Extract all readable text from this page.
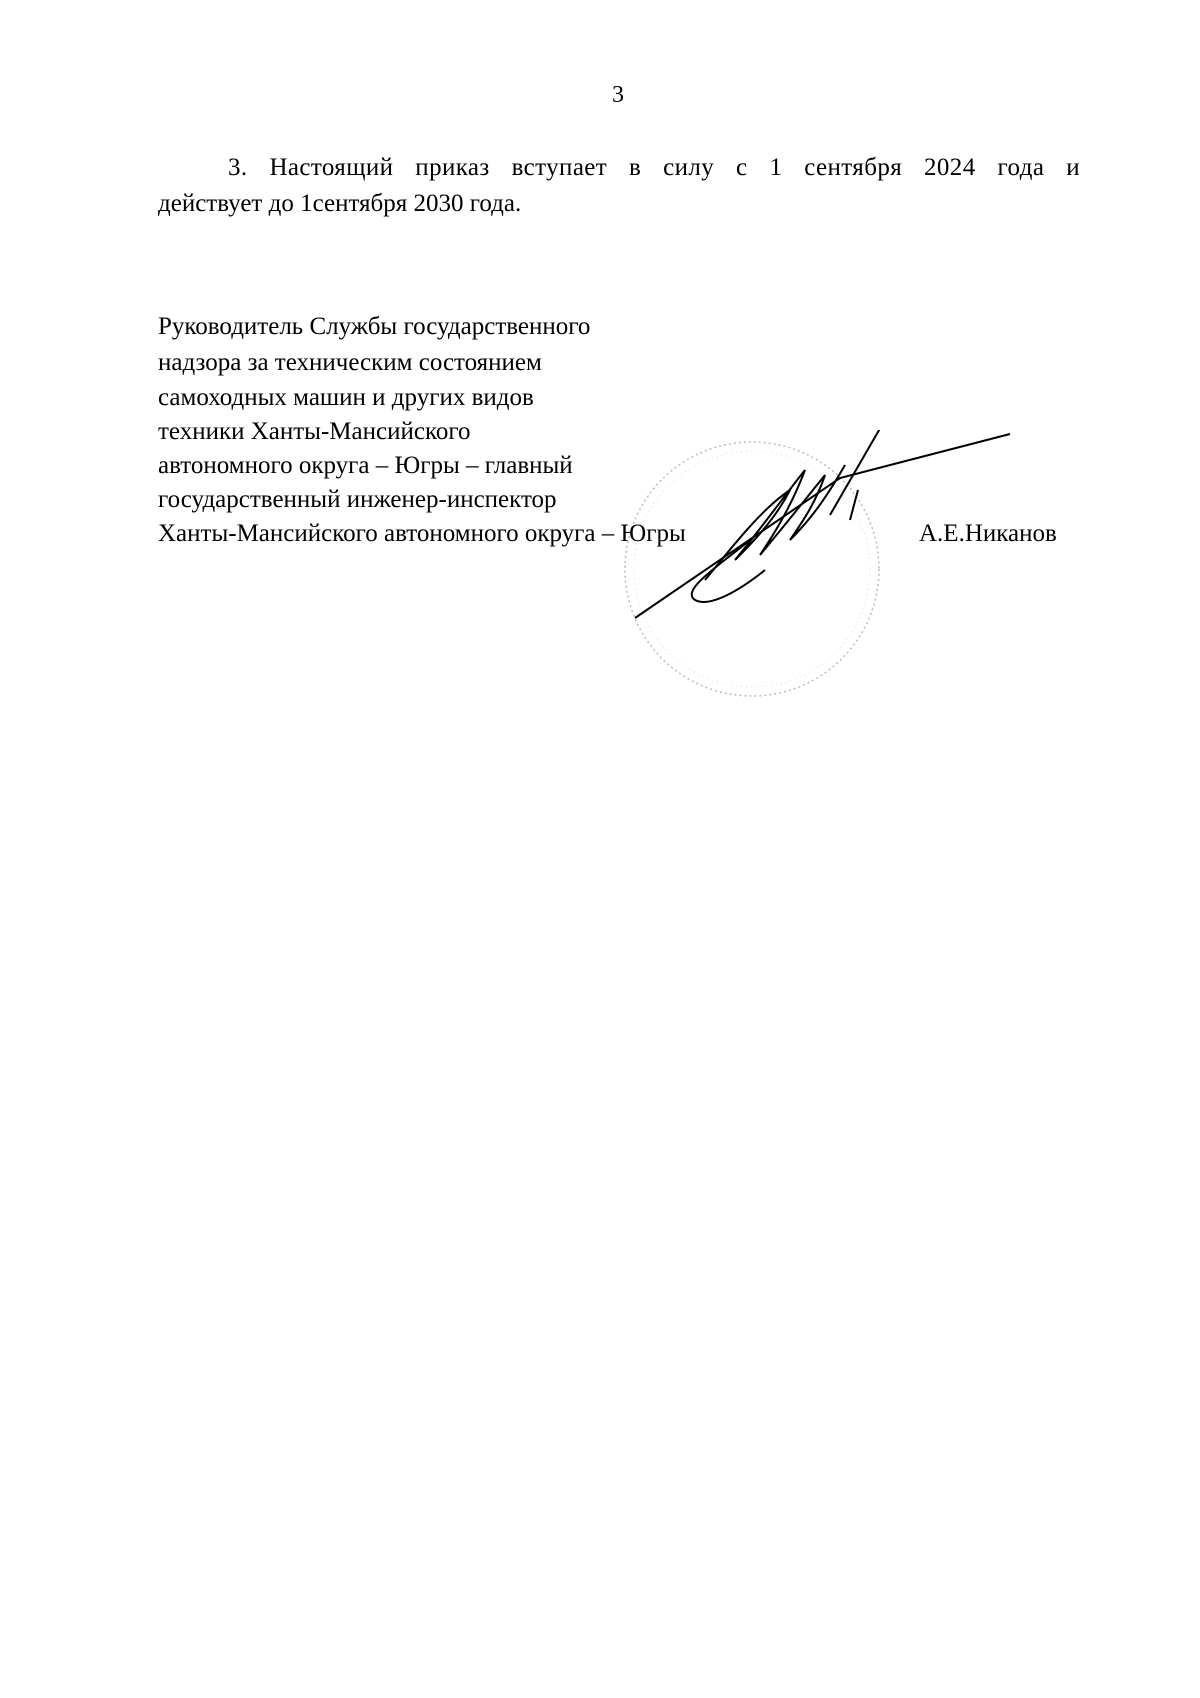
3
3. Настоящий приказ вступает в силу с 1 сентября 2024 года и
действует до 1сентября 2030 года.
Руководитель Службы государственного
надзора за техническим состоянием
самоходных машин и других видов
техники Ханты-Мансийского
автономного округа – Югры – главный
государственный инженер-инспектор
Ханты-Мансийского автономного округа – Югры	А.Е.Никанов
